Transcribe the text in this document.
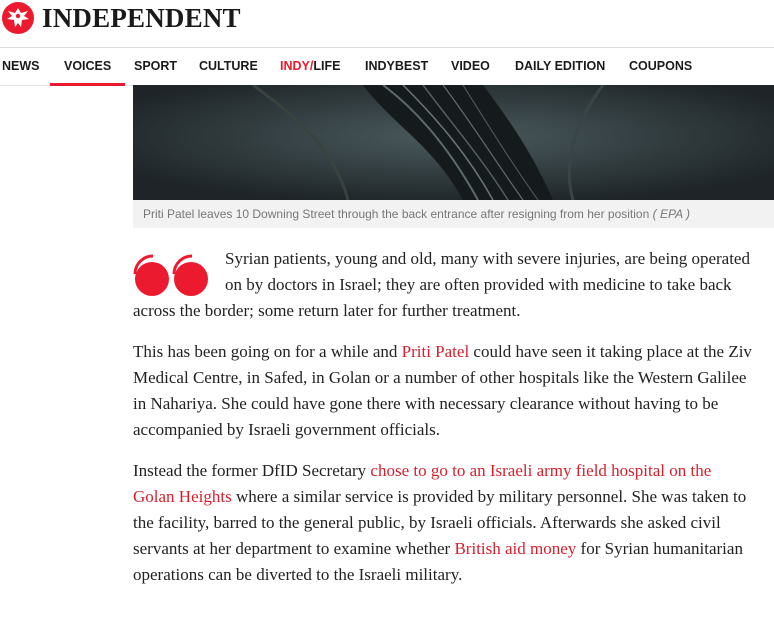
INDEPENDENT
NEWS VOICES SPORT CULTURE INDY/LIFE INDYBEST VIDEO DAILY EDITION COUPONS
Priti Patel leaves 10 Downing Street through the back entrance after resigning from her position ( EPA )

Syrian patients, young and old, many with severe injuries, are being operated on by doctors in Israel; they are often provided with medicine to take back across the border; some return later for further treatment.

This has been going on for a while and Priti Patel could have seen it taking place at the Ziv Medical Centre, in Safed, in Golan or a number of other hospitals like the Western Galilee in Nahariya. She could have gone there with necessary clearance without having to be accompanied by Israeli government officials.

Instead the former DfID Secretary chose to go to an Israeli army field hospital on the Golan Heights where a similar service is provided by military personnel. She was taken to the facility, barred to the general public, by Israeli officials. Afterwards she asked civil servants at her department to examine whether British aid money for Syrian humanitarian operations can be diverted to the Israeli military.
